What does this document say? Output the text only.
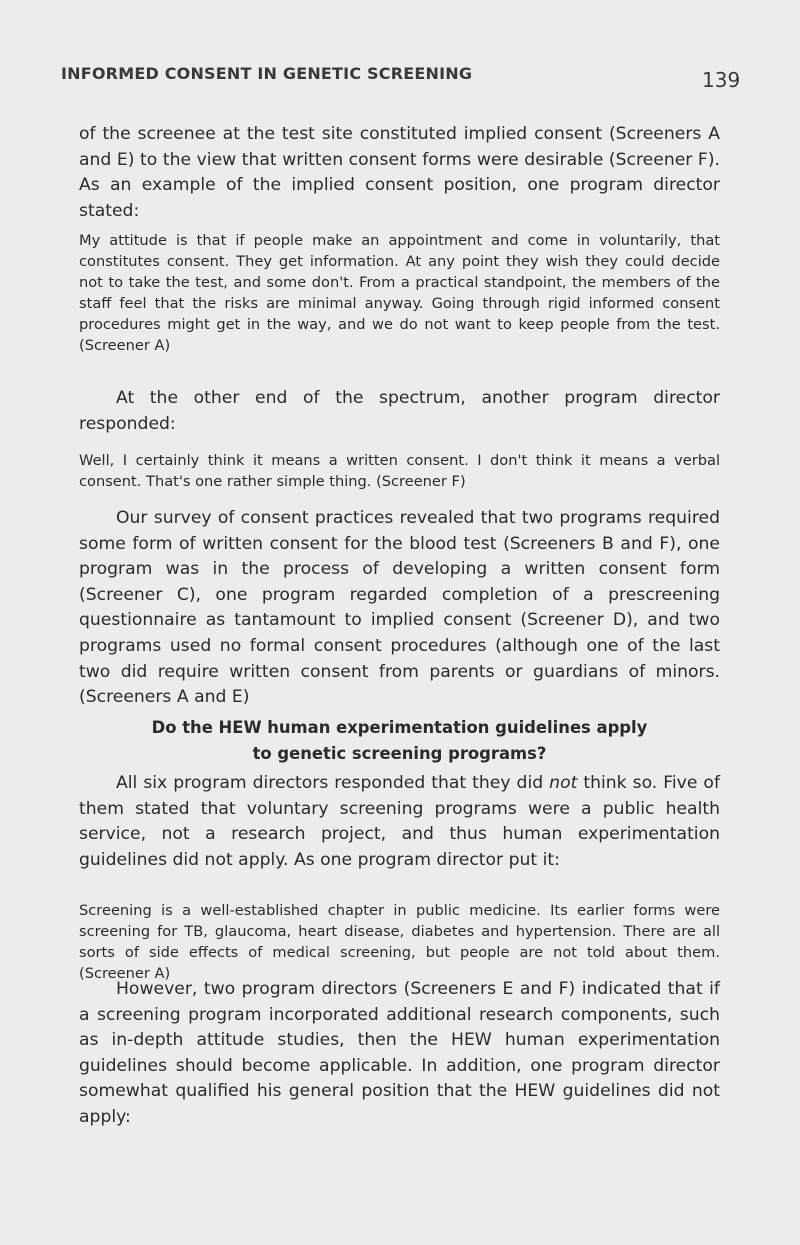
INFORMED CONSENT IN GENETIC SCREENING	139

of the screenee at the test site constituted implied consent (Screeners A and E) to the view that written consent forms were desirable (Screener F). As an example of the implied consent position, one program director stated:

My attitude is that if people make an appointment and come in voluntarily, that constitutes consent. They get information. At any point they wish they could decide not to take the test, and some don't. From a practical standpoint, the members of the staff feel that the risks are minimal anyway. Going through rigid informed consent procedures might get in the way, and we do not want to keep people from the test. (Screener A)

At the other end of the spectrum, another program director responded:

Well, I certainly think it means a written consent. I don't think it means a verbal consent. That's one rather simple thing. (Screener F)

Our survey of consent practices revealed that two programs required some form of written consent for the blood test (Screeners B and F), one program was in the process of developing a written consent form (Screener C), one program regarded completion of a prescreening questionnaire as tantamount to implied consent (Screener D), and two programs used no formal consent procedures (although one of the last two did require written consent from parents or guardians of minors. (Screeners A and E)

Do the HEW human experimentation guidelines apply
to genetic screening programs?

All six program directors responded that they did not think so. Five of them stated that voluntary screening programs were a public health service, not a research project, and thus human experimentation guidelines did not apply. As one program director put it:

Screening is a well-established chapter in public medicine. Its earlier forms were screening for TB, glaucoma, heart disease, diabetes and hypertension. There are all sorts of side effects of medical screening, but people are not told about them. (Screener A)

However, two program directors (Screeners E and F) indicated that if a screening program incorporated additional research components, such as in-depth attitude studies, then the HEW human experimentation guidelines should become applicable. In addition, one program director somewhat qualified his general position that the HEW guidelines did not apply:
